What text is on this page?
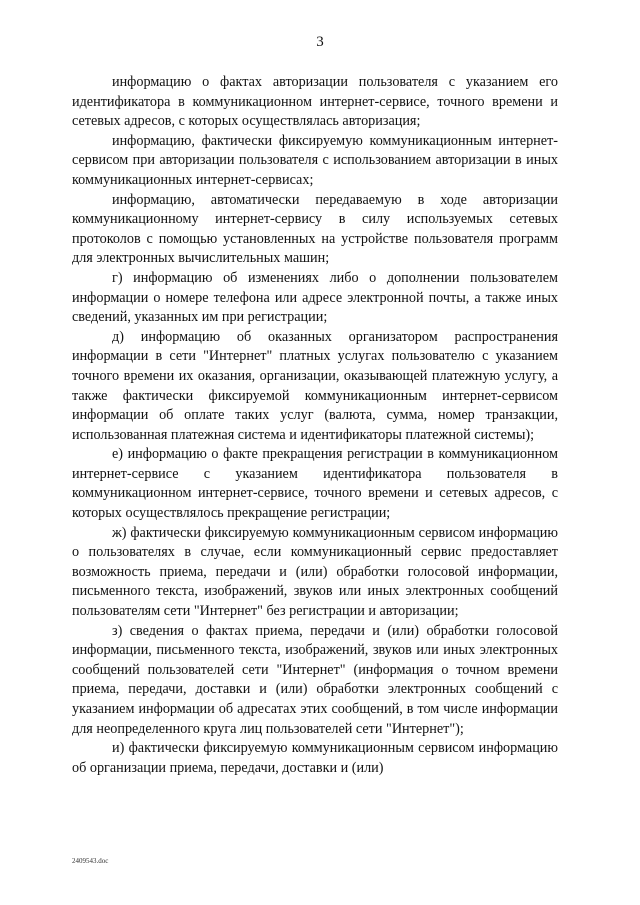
3

информацию о фактах авторизации пользователя с указанием его идентификатора в коммуникационном интернет-сервисе, точного времени и сетевых адресов, с которых осуществлялась авторизация;

информацию, фактически фиксируемую коммуникационным интернет-сервисом при авторизации пользователя с использованием авторизации в иных коммуникационных интернет-сервисах;

информацию, автоматически передаваемую в ходе авторизации коммуникационному интернет-сервису в силу используемых сетевых протоколов с помощью установленных на устройстве пользователя программ для электронных вычислительных машин;

г) информацию об изменениях либо о дополнении пользователем информации о номере телефона или адресе электронной почты, а также иных сведений, указанных им при регистрации;

д) информацию об оказанных организатором распространения информации в сети "Интернет" платных услугах пользователю с указанием точного времени их оказания, организации, оказывающей платежную услугу, а также фактически фиксируемой коммуникационным интернет-сервисом информации об оплате таких услуг (валюта, сумма, номер транзакции, использованная платежная система и идентификаторы платежной системы);

е) информацию о факте прекращения регистрации в коммуникационном интернет-сервисе с указанием идентификатора пользователя в коммуникационном интернет-сервисе, точного времени и сетевых адресов, с которых осуществлялось прекращение регистрации;

ж) фактически фиксируемую коммуникационным сервисом информацию о пользователях в случае, если коммуникационный сервис предоставляет возможность приема, передачи и (или) обработки голосовой информации, письменного текста, изображений, звуков или иных электронных сообщений пользователям сети "Интернет" без регистрации и авторизации;

з) сведения о фактах приема, передачи и (или) обработки голосовой информации, письменного текста, изображений, звуков или иных электронных сообщений пользователей сети "Интернет" (информация о точном времени приема, передачи, доставки и (или) обработки электронных сообщений с указанием информации об адресатах этих сообщений, в том числе информации для неопределенного круга лиц пользователей сети "Интернет");

и) фактически фиксируемую коммуникационным сервисом информацию об организации приема, передачи, доставки и (или)

2409543.doc
